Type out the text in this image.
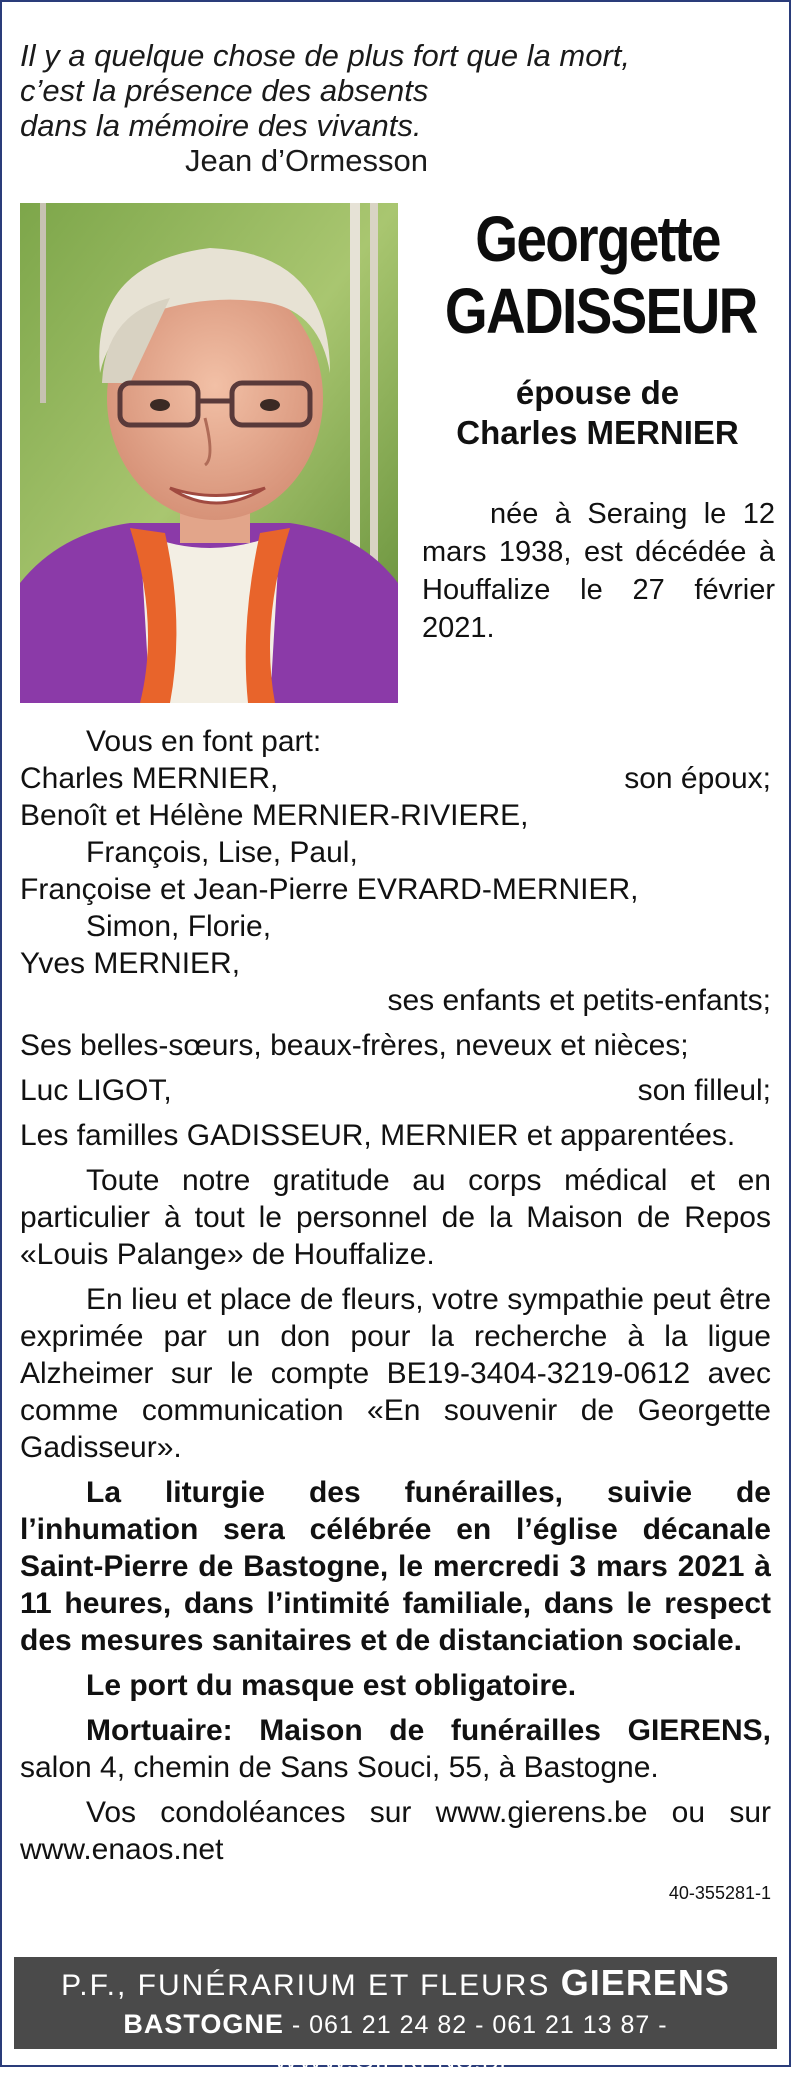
Il y a quelque chose de plus fort que la mort,
c’est la présence des absents
dans la mémoire des vivants.
Jean d’Ormesson

Georgette
GADISSEUR
épouse de
Charles MERNIER
née à Seraing le 12 mars 1938, est décédée à Houffalize le 27 février 2021.
Vous en font part:
Charles MERNIER,	son époux;
Benoît et Hélène MERNIER-RIVIERE,
François, Lise, Paul,
Françoise et Jean-Pierre EVRARD-MERNIER,
Simon, Florie,
Yves MERNIER,
ses enfants et petits-enfants;
Ses belles-sœurs, beaux-frères, neveux et nièces;
Luc LIGOT,	son filleul;
Les familles GADISSEUR, MERNIER et apparentées.
Toute notre gratitude au corps médical et en particulier à tout le personnel de la Maison de Repos «Louis Palange» de Houffalize.
En lieu et place de fleurs, votre sympathie peut être exprimée par un don pour la recherche à la ligue Alzheimer sur le compte BE19-3404-3219-0612 avec comme communication «En souvenir de Georgette Gadisseur».
La liturgie des funérailles, suivie de l’inhumation sera célébrée en l’église décanale Saint-Pierre de Bastogne, le mercredi 3 mars 2021 à 11 heures, dans l’intimité familiale, dans le respect des mesures sanitaires et de distanciation sociale.
Le port du masque est obligatoire.
Mortuaire: Maison de funérailles GIERENS, salon 4, chemin de Sans Souci, 55, à Bastogne.
Vos condoléances sur www.gierens.be ou sur www.enaos.net
40-355281-1
P.F., FUNÉRARIUM ET FLEURS GIERENS
BASTOGNE - 061 21 24 82 - 061 21 13 87 - WWW.GIERENS.BE
